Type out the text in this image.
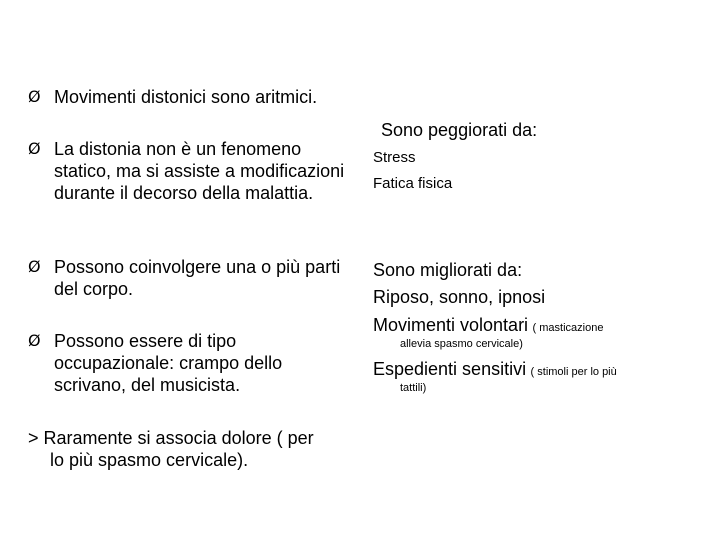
Ø Movimenti distonici sono aritmici.
Ø La distonia non è un fenomeno statico, ma si assiste a modificazioni durante il decorso della malattia.
Ø Possono coinvolgere una o più parti del corpo.
Ø Possono essere di tipo occupazionale: crampo dello scrivano, del musicista.
> Raramente si associa dolore ( per
lo più spasmo cervicale).
Sono peggiorati da:
Stress
Fatica fisica
Sono migliorati da:
Riposo, sonno, ipnosi
Movimenti volontari ( masticazione
allevia spasmo cervicale)
Espedienti sensitivi ( stimoli per lo più
tattili)
